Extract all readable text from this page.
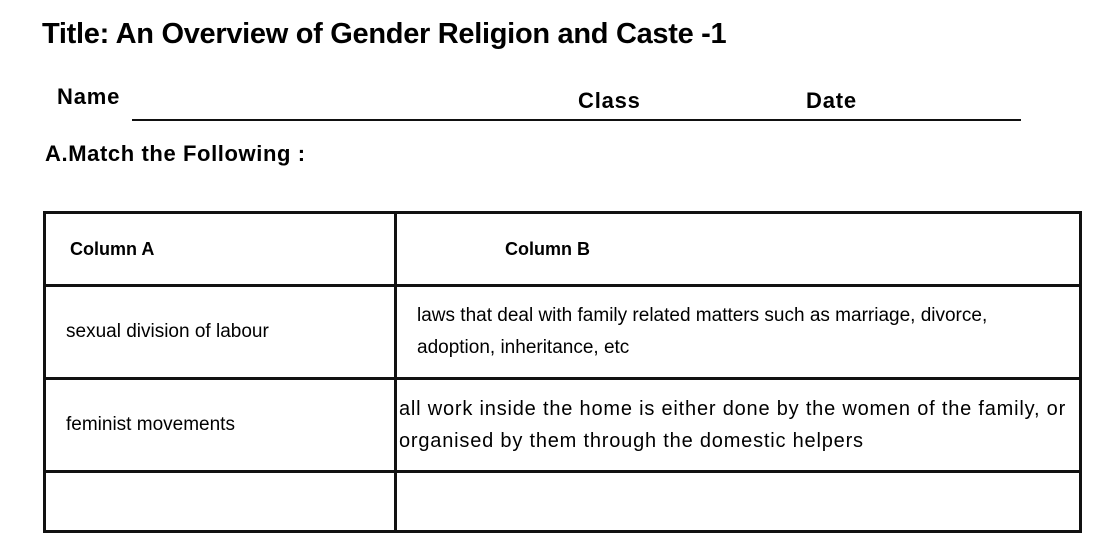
Title: An Overview of Gender Religion and Caste -1
Name	Class	Date
A.Match the Following :
Column A	Column B
sexual division of labour	laws that deal with family related matters such as marriage, divorce, adoption, inheritance, etc
feminist movements	all work inside the home is either done by the women of the family, or organised by them through the domestic helpers
